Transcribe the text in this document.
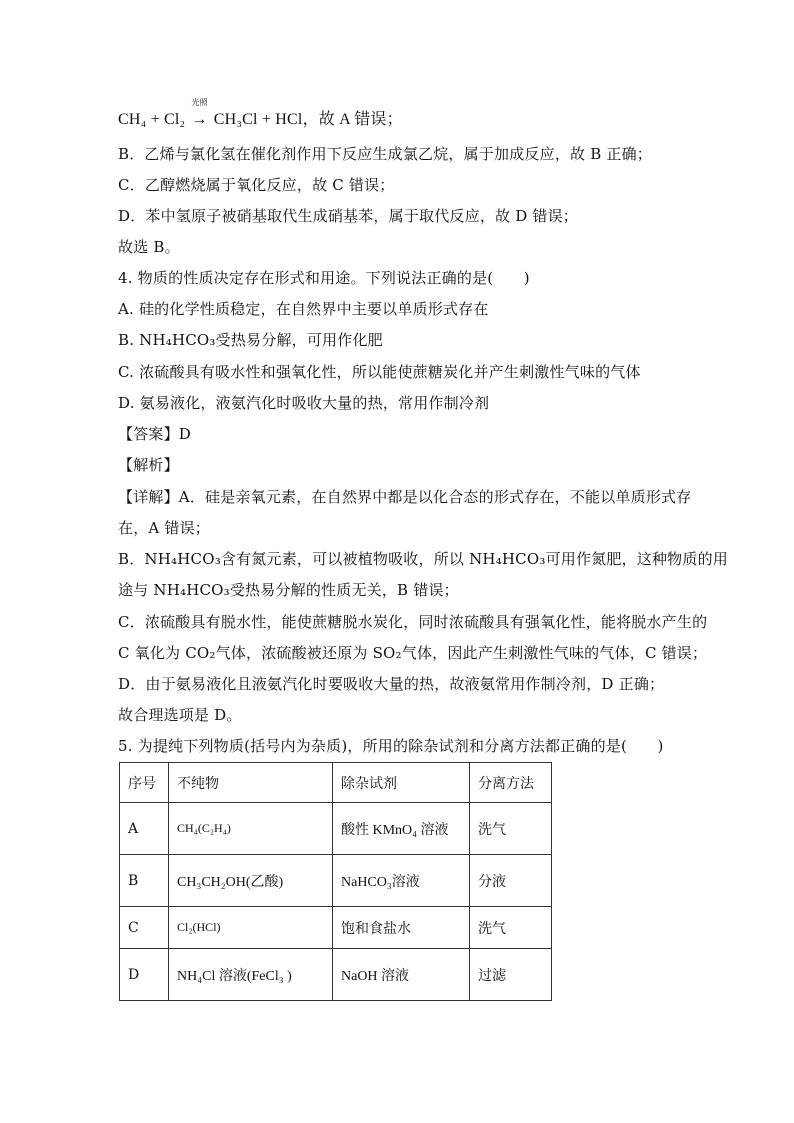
CH₄ + Cl₂
光照
→ CH₃Cl + HCl，故 A 错误；
B．乙烯与氯化氢在催化剂作用下反应生成氯乙烷，属于加成反应，故 B 正确；
C．乙醇燃烧属于氧化反应，故 C 错误；
D．苯中氢原子被硝基取代生成硝基苯，属于取代反应，故 D 错误；
故选 B。
4. 物质的性质决定存在形式和用途。下列说法正确的是(　　)
A. 硅的化学性质稳定，在自然界中主要以单质形式存在
B. NH₄HCO₃受热易分解，可用作化肥
C. 浓硫酸具有吸水性和强氧化性，所以能使蔗糖炭化并产生刺激性气味的气体
D. 氨易液化，液氨汽化时吸收大量的热，常用作制冷剂
【答案】D
【解析】
【详解】A．硅是亲氧元素，在自然界中都是以化合态的形式存在，不能以单质形式存
在，A 错误；
B．NH₄HCO₃含有氮元素，可以被植物吸收，所以 NH₄HCO₃可用作氮肥，这种物质的用
途与 NH₄HCO₃受热易分解的性质无关，B 错误；
C．浓硫酸具有脱水性，能使蔗糖脱水炭化，同时浓硫酸具有强氧化性，能将脱水产生的
C 氧化为 CO₂气体，浓硫酸被还原为 SO₂气体，因此产生刺激性气味的气体，C 错误；
D．由于氨易液化且液氨汽化时要吸收大量的热，故液氨常用作制冷剂，D 正确；
故合理选项是 D。
5. 为提纯下列物质(括号内为杂质)，所用的除杂试剂和分离方法都正确的是(　　)
序号	不纯物	除杂试剂	分离方法
A	CH₄(C₂H₄)	酸性 KMnO₄ 溶液	洗气
B	CH₃CH₂OH(乙酸)	NaHCO₃溶液	分液
C	Cl₂(HCl)	饱和食盐水	洗气
D	NH₄Cl 溶液(FeCl₃ )	NaOH 溶液	过滤
